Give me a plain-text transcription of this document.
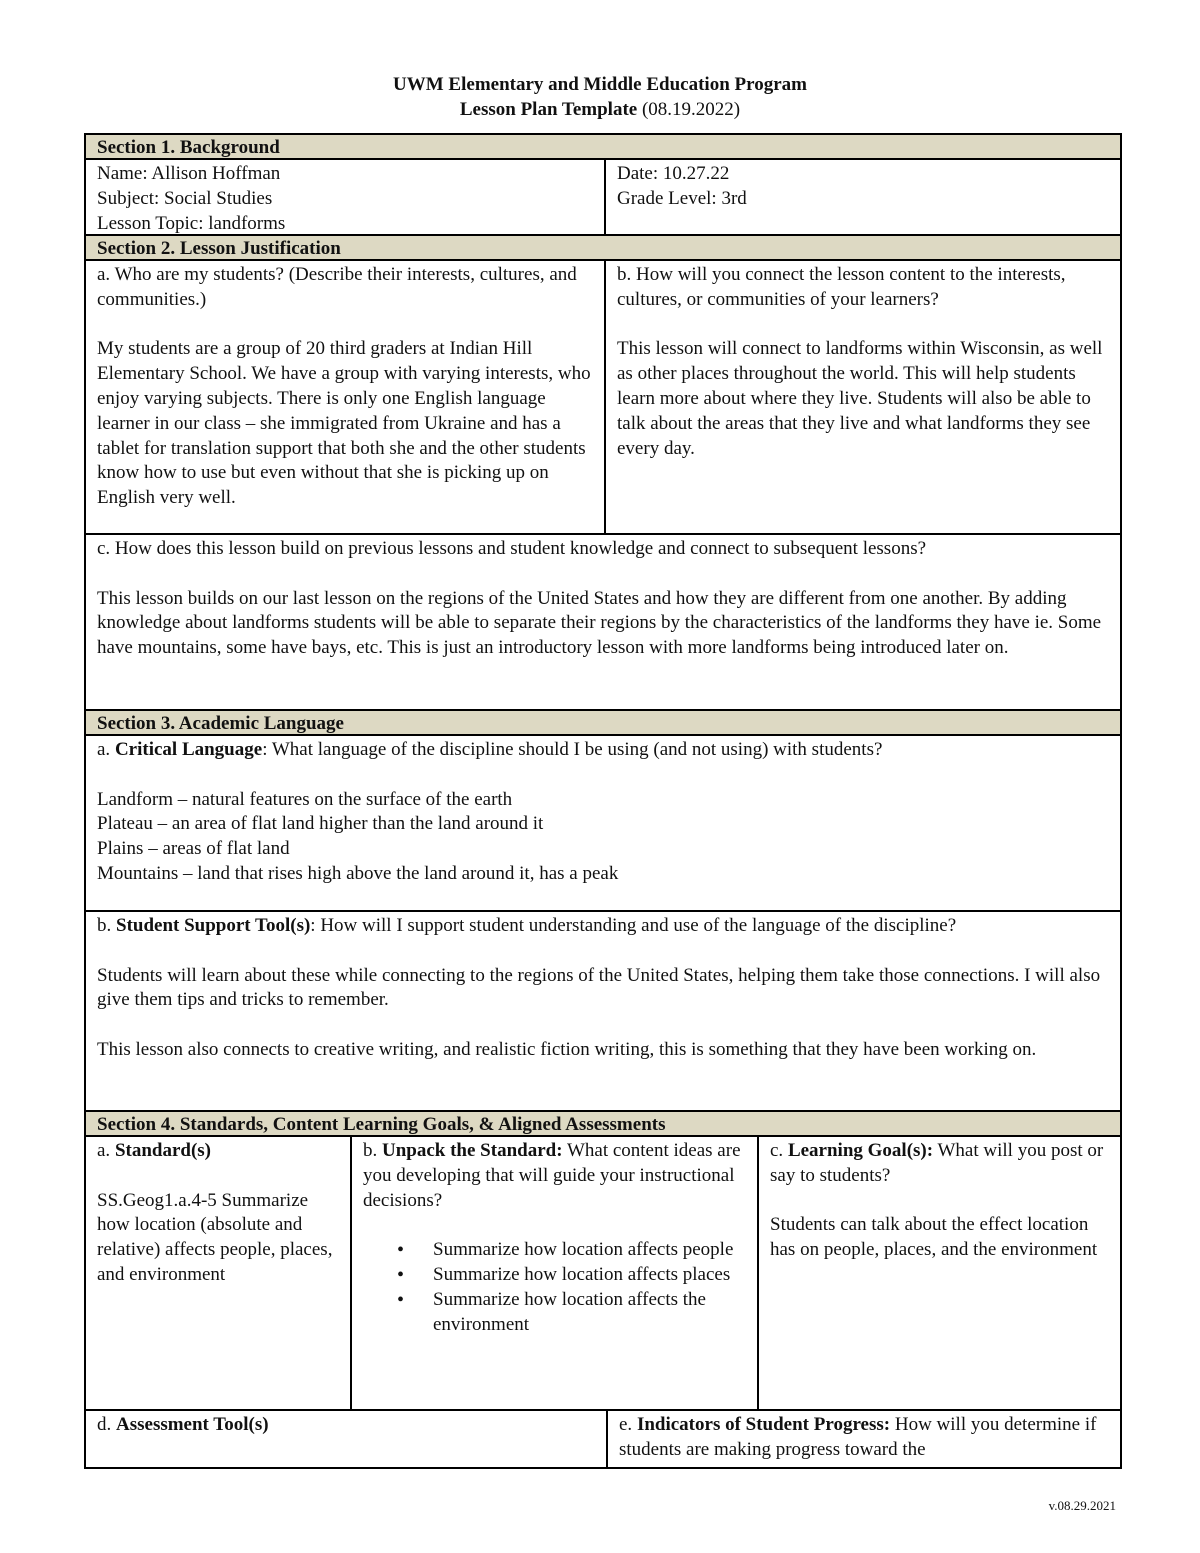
UWM Elementary and Middle Education Program
Lesson Plan Template (08.19.2022)
Section 1. Background

Name: Allison Hoffman

Subject: Social Studies

Lesson Topic: landforms

Date: 10.27.22

Grade Level: 3rd

Section 2. Lesson Justification

a. Who are my students? (Describe their interests, cultures, and communities.)

My students are a group of 20 third graders at Indian Hill Elementary School. We have a group with varying interests, who enjoy varying subjects. There is only one English language learner in our class – she immigrated from Ukraine and has a tablet for translation support that both she and the other students know how to use but even without that she is picking up on English very well.

b. How will you connect the lesson content to the interests, cultures, or communities of your learners?

This lesson will connect to landforms within Wisconsin, as well as other places throughout the world. This will help students learn more about where they live. Students will also be able to talk about the areas that they live and what landforms they see every day.

c. How does this lesson build on previous lessons and student knowledge and connect to subsequent lessons?

This lesson builds on our last lesson on the regions of the United States and how they are different from one another. By adding knowledge about landforms students will be able to separate their regions by the characteristics of the landforms they have ie. Some have mountains, some have bays, etc. This is just an introductory lesson with more landforms being introduced later on.

Section 3. Academic Language

a. Critical Language: What language of the discipline should I be using (and not using) with students?

Landform – natural features on the surface of the earth

Plateau – an area of flat land higher than the land around it

Plains – areas of flat land

Mountains – land that rises high above the land around it, has a peak

b. Student Support Tool(s): How will I support student understanding and use of the language of the discipline?

Students will learn about these while connecting to the regions of the United States, helping them take those connections. I will also give them tips and tricks to remember.

This lesson also connects to creative writing, and realistic fiction writing, this is something that they have been working on.

Section 4. Standards, Content Learning Goals, & Aligned Assessments

a. Standard(s)

SS.Geog1.a.4-5 Summarize how location (absolute and relative) affects people, places, and environment

b. Unpack the Standard: What content ideas are you developing that will guide your instructional decisions?

• Summarize how location affects people
• Summarize how location affects places
• Summarize how location affects the environment

c. Learning Goal(s): What will you post or say to students?

Students can talk about the effect location has on people, places, and the environment

d. Assessment Tool(s)	e. Indicators of Student Progress: How will you determine if students are making progress toward the

v.08.29.2021
